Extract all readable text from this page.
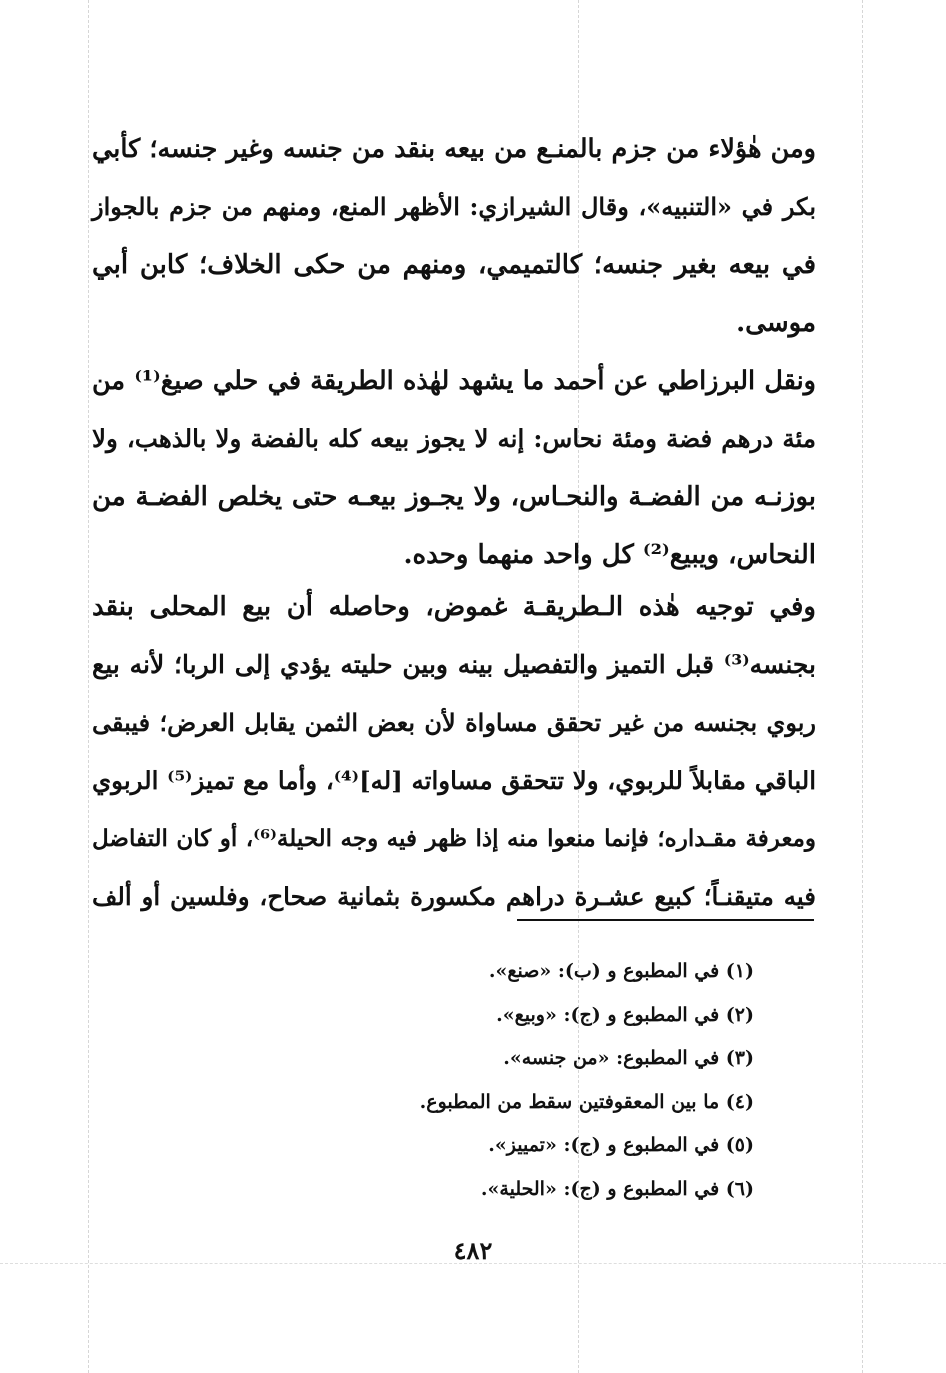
ومن هٰؤلاء من جزم بالمنـع من بيعه بنقد من جنسه وغير جنسه؛ كأبي
بكر في «التنبيه»، وقال الشيرازي: الأظهر المنع، ومنهم من جزم بالجواز
في بيعه بغير جنسه؛ كالتميمي، ومنهم من حكى الخلاف؛ كابن أبي
موسى.
ونقل البرزاطي عن أحمد ما يشهد لهٰذه الطريقة في حلي صيغ⁽¹⁾ من
مئة درهم فضة ومئة نحاس: إنه لا يجوز بيعه كله بالفضة ولا بالذهب، ولا
بوزنـه من الفضـة والنحـاس، ولا يجـوز بيعـه حتى يخلص الفضـة من
النحاس، ويبيع⁽²⁾ كل واحد منهما وحده.
وفي توجيه هٰذه الـطريقـة غموض، وحاصله أن بيع المحلى بنقد
بجنسه⁽³⁾ قبل التميز والتفصيل بينه وبين حليته يؤدي إلى الربا؛ لأنه بيع
ربوي بجنسه من غير تحقق مساواة لأن بعض الثمن يقابل العرض؛ فيبقى
الباقي مقابلاً للربوي، ولا تتحقق مساواته [له]⁽⁴⁾، وأما مع تميز⁽⁵⁾ الربوي
ومعرفة مقـداره؛ فإنما منعوا منه إذا ظهر فيه وجه الحيلة⁽⁶⁾، أو كان التفاضل
فيه متيقنـاً؛ كبيع عشـرة دراهم مكسورة بثمانية صحاح، وفلسين أو ألف
(١) في المطبوع و (ب): «صنع».
(٢) في المطبوع و (ج): «وبيع».
(٣) في المطبوع: «من جنسه».
(٤) ما بين المعقوفتين سقط من المطبوع.
(٥) في المطبوع و (ج): «تمييز».
(٦) في المطبوع و (ج): «الحلية».
٤٨٢
